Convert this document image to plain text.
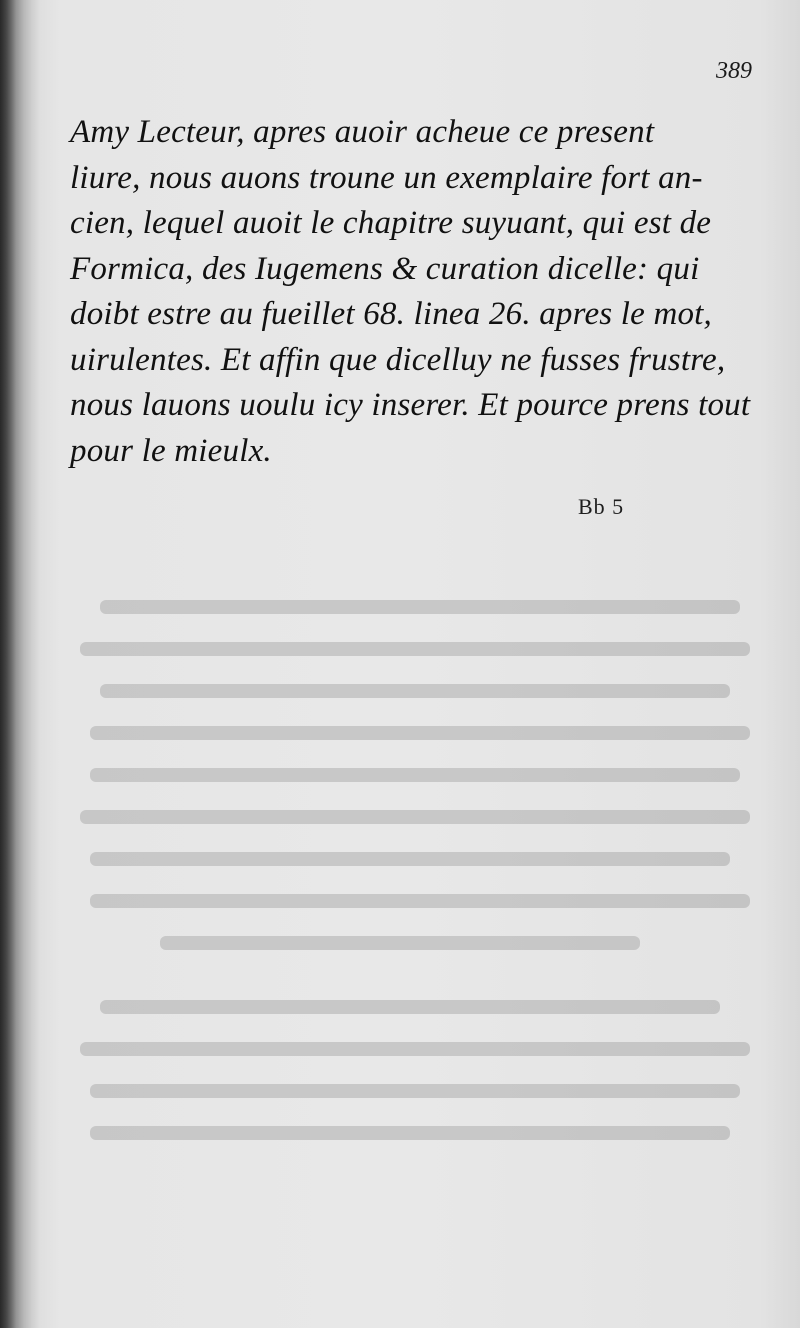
389

Amy Lecteur, apres auoir acheue ce present
liure, nous auons troune un exemplaire fort an-
cien, lequel auoit le chapitre suyuant, qui est de
Formica, des Iugemens & curation dicelle: qui
doibt estre au fueillet 68. linea 26. apres le mot,
uirulentes. Et affin que dicelluy ne fusses frustre,
nous lauons uoulu icy inserer. Et pource prens tout
pour le mieulx.

Bb 5
